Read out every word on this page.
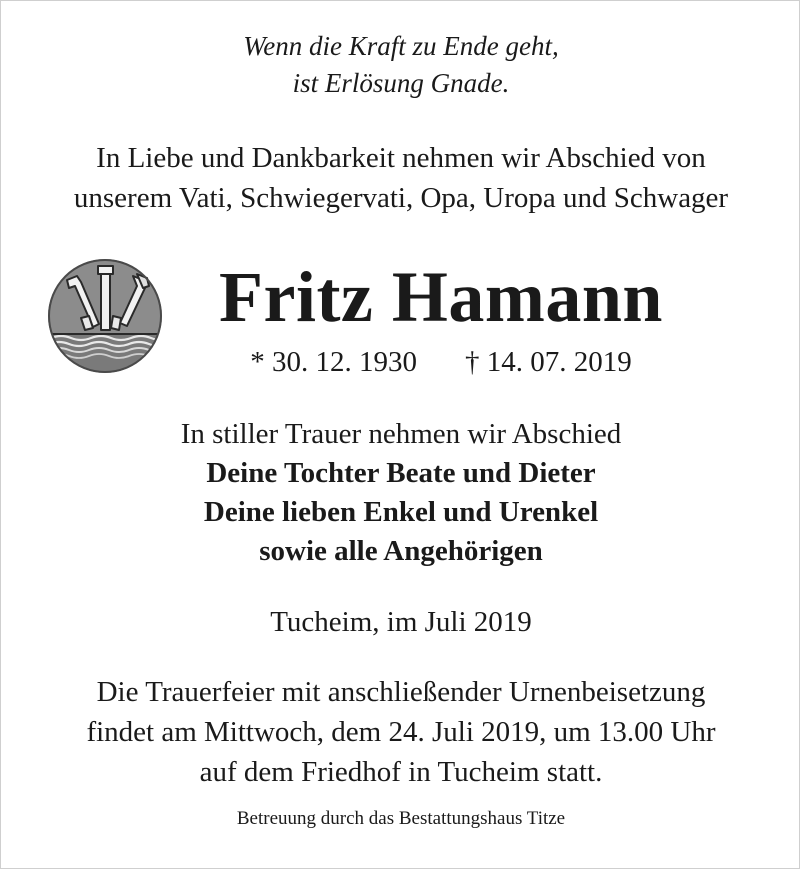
Wenn die Kraft zu Ende geht,
ist Erlösung Gnade.
In Liebe und Dankbarkeit nehmen wir Abschied von
unserem Vati, Schwiegervati, Opa, Uropa und Schwager
Fritz Hamann
* 30. 12. 1930 † 14. 07. 2019
In stiller Trauer nehmen wir Abschied
Deine Tochter Beate und Dieter
Deine lieben Enkel und Urenkel
sowie alle Angehörigen
Tucheim, im Juli 2019
Die Trauerfeier mit anschließender Urnenbeisetzung
findet am Mittwoch, dem 24. Juli 2019, um 13.00 Uhr
auf dem Friedhof in Tucheim statt.
Betreuung durch das Bestattungshaus Titze
